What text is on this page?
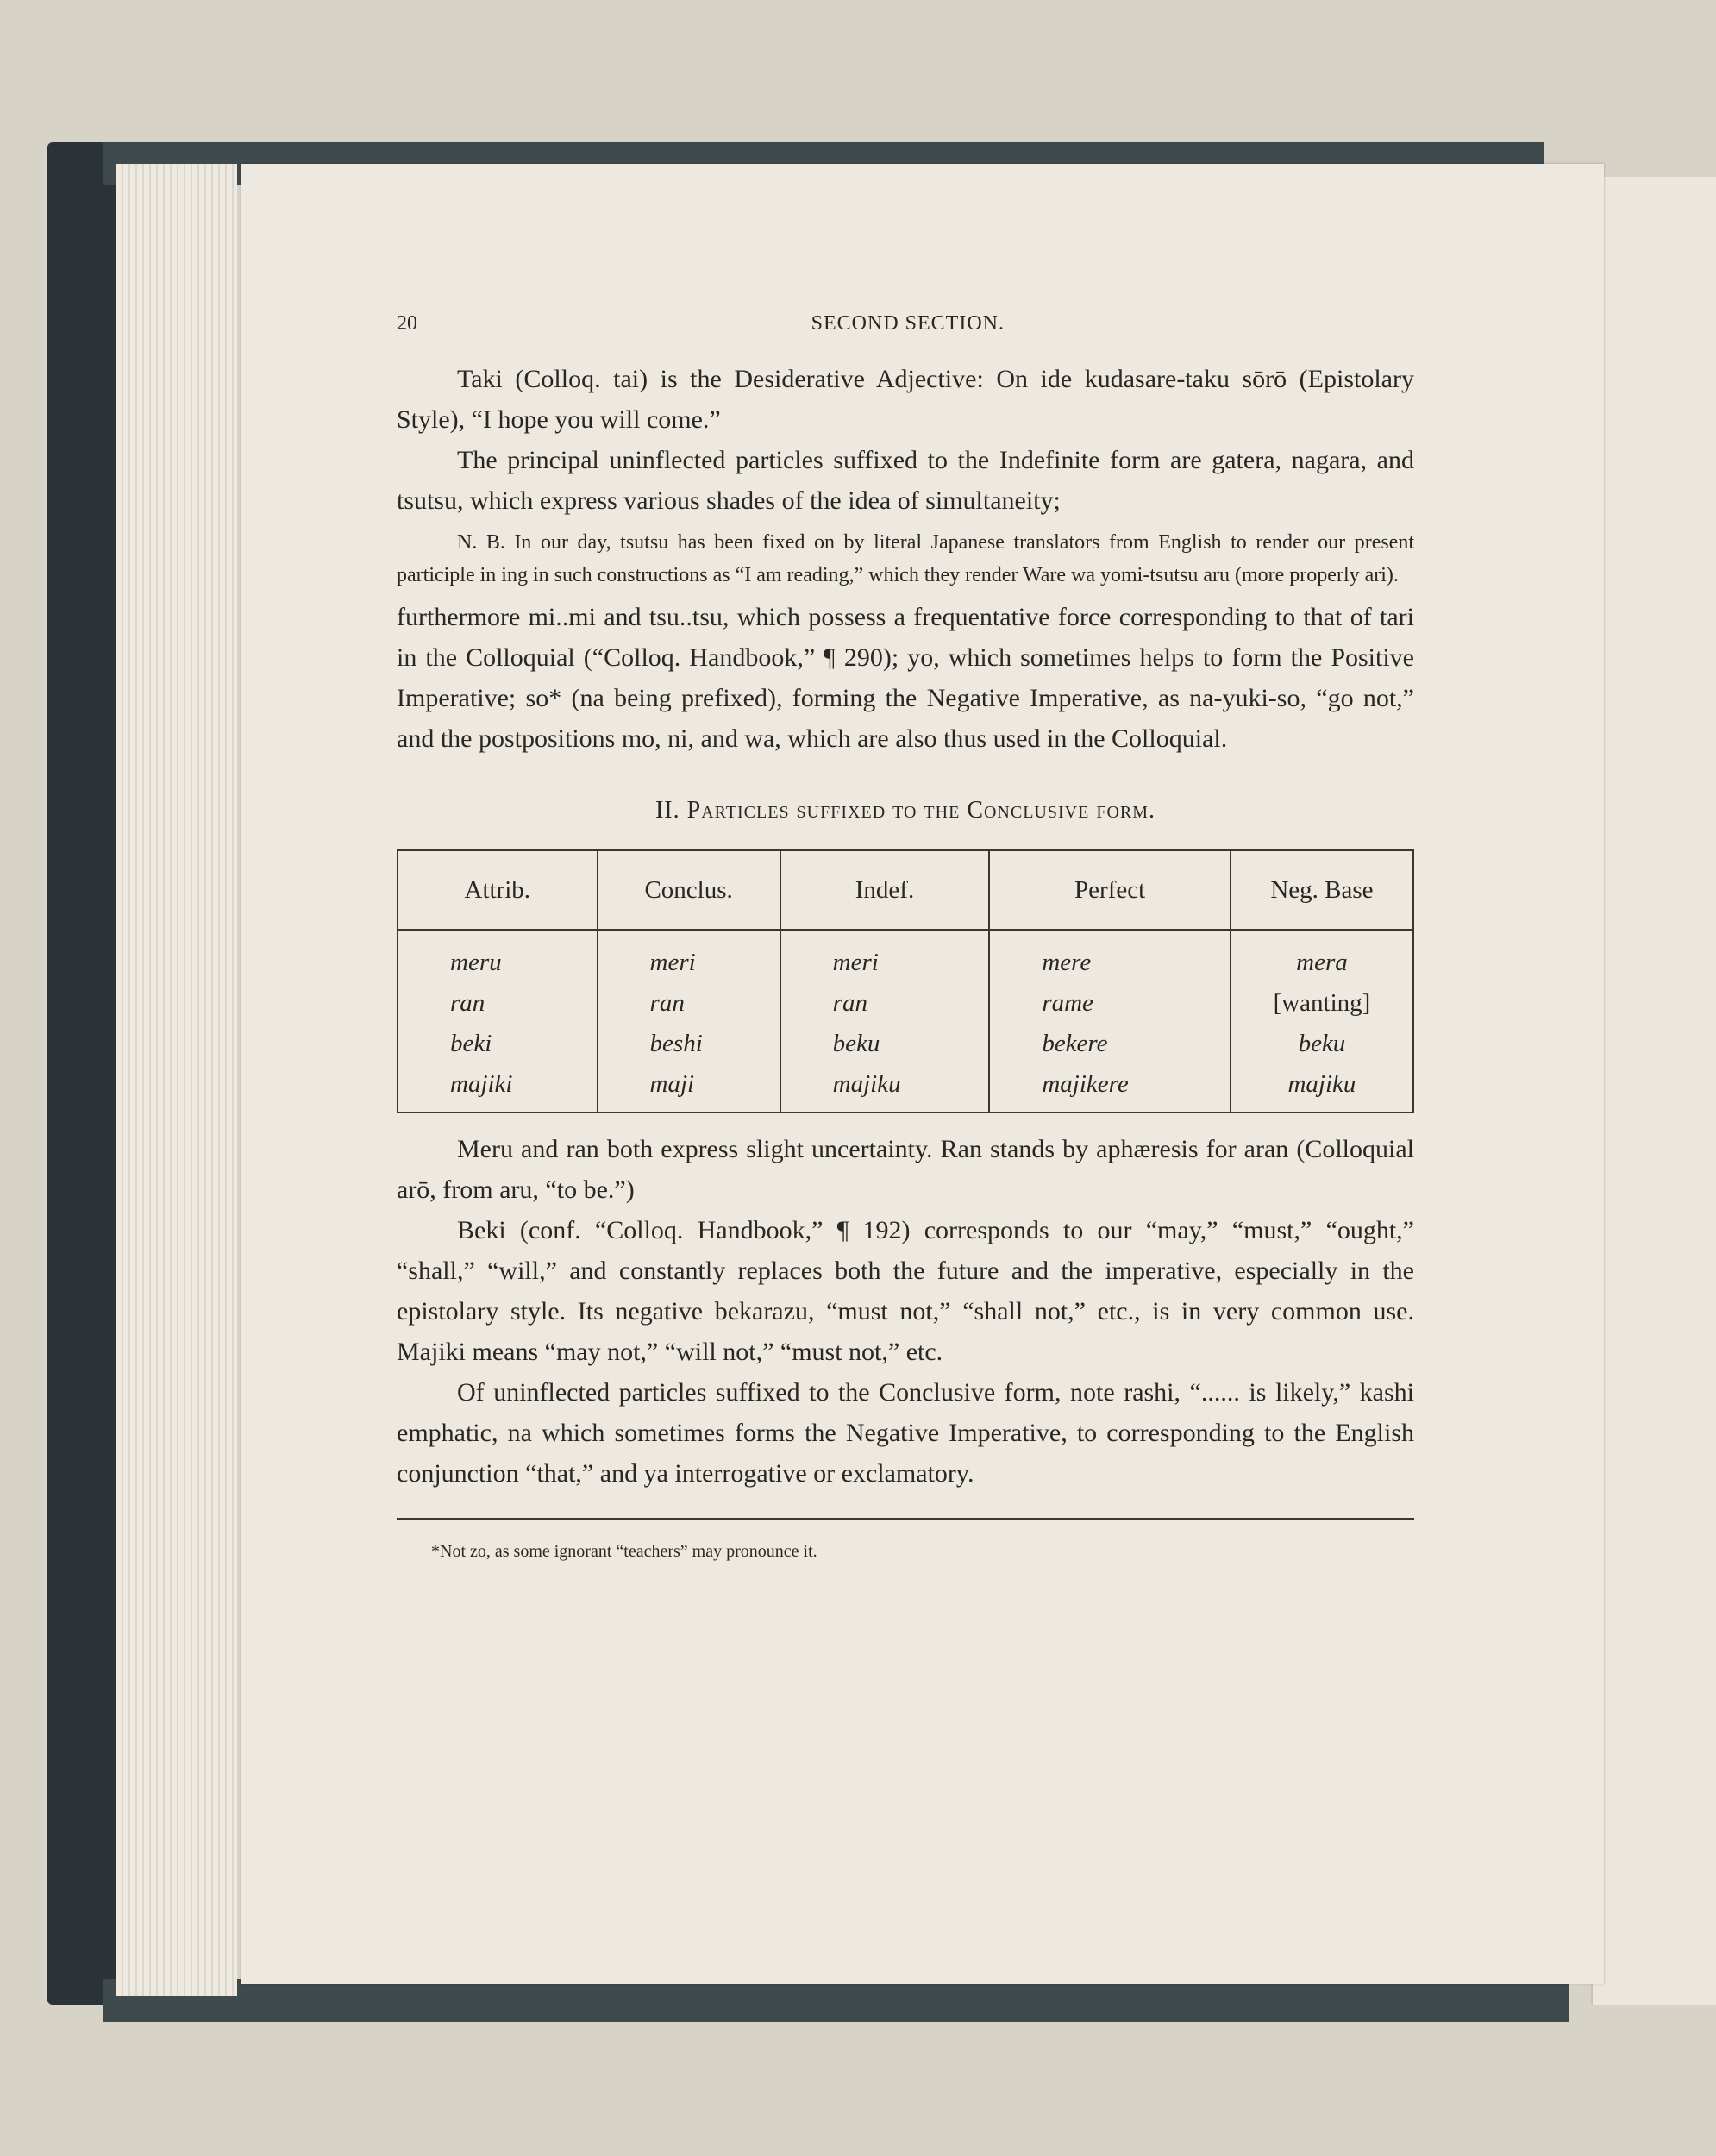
20	SECOND SECTION.

Taki (Colloq. tai) is the Desiderative Adjective: On ide kudasare-taku sōrō (Epistolary Style), “I hope you will come.”

The principal uninflected particles suffixed to the Indefinite form are gatera, nagara, and tsutsu, which express various shades of the idea of simultaneity;

N. B. In our day, tsutsu has been fixed on by literal Japanese translators from English to render our present participle in ing in such constructions as “I am reading,” which they render Ware wa yomi-tsutsu aru (more properly ari).

furthermore mi..mi and tsu..tsu, which possess a frequentative force corresponding to that of tari in the Colloquial (“Colloq. Handbook,” ¶ 290); yo, which sometimes helps to form the Positive Imperative; so* (na being prefixed), forming the Negative Imperative, as na-yuki-so, “go not,” and the postpositions mo, ni, and wa, which are also thus used in the Colloquial.

II. Particles suffixed to the Conclusive form.
Attrib.	Conclus.	Indef.	Perfect	Neg. Base
meru	meri	meri	mere	mera
ran	ran	ran	rame	[wanting]
beki	beshi	beku	bekere	beku
majiki	maji	majiku	majikere	majiku

Meru and ran both express slight uncertainty. Ran stands by aphæresis for aran (Colloquial arō, from aru, “to be.”)

Beki (conf. “Colloq. Handbook,” ¶ 192) corresponds to our “may,” “must,” “ought,” “shall,” “will,” and constantly replaces both the future and the imperative, especially in the epistolary style. Its negative bekarazu, “must not,” “shall not,” etc., is in very common use. Majiki means “may not,” “will not,” “must not,” etc.

Of uninflected particles suffixed to the Conclusive form, note rashi, “...... is likely,” kashi emphatic, na which sometimes forms the Negative Imperative, to corresponding to the English conjunction “that,” and ya interrogative or exclamatory.

*Not zo, as some ignorant “teachers” may pronounce it.
